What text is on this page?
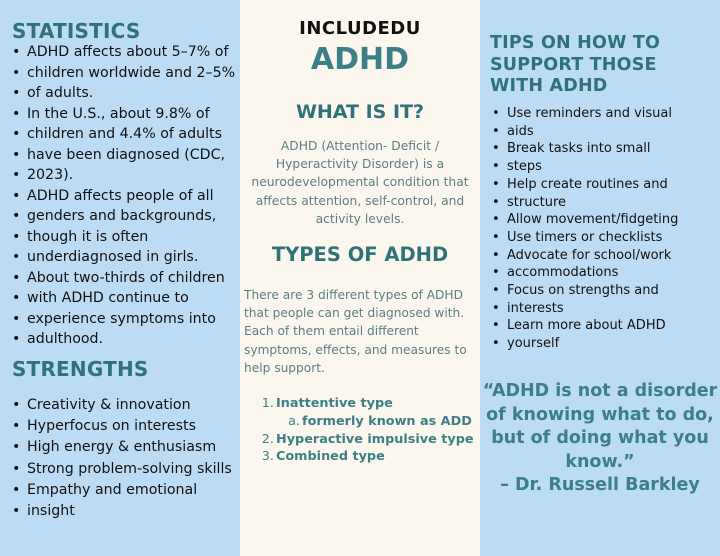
STATISTICS
• ADHD affects about 5–7% of
• children worldwide and 2–5%
• of adults.
• In the U.S., about 9.8% of
• children and 4.4% of adults
• have been diagnosed (CDC,
• 2023).
• ADHD affects people of all
• genders and backgrounds,
• though it is often
• underdiagnosed in girls.
• About two-thirds of children
• with ADHD continue to
• experience symptoms into
• adulthood.
STRENGTHS
• Creativity & innovation
• Hyperfocus on interests
• High energy & enthusiasm
• Strong problem-solving skills
• Empathy and emotional
• insight
INCLUDEDU
ADHD
WHAT IS IT?

ADHD (Attention- Deficit / Hyperactivity Disorder) is a neurodevelopmental condition that affects attention, self-control, and activity levels.

TYPES OF ADHD

There are 3 different types of ADHD that people can get diagnosed with. Each of them entail different symptoms, effects, and measures to help support.

1. Inattentive type
a. formerly known as ADD
2. Hyperactive impulsive type
3. Combined type
TIPS ON HOW TO SUPPORT THOSE WITH ADHD
• Use reminders and visual
• aids
• Break tasks into small
• steps
• Help create routines and
• structure
• Allow movement/fidgeting
• Use timers or checklists
• Advocate for school/work
• accommodations
• Focus on strengths and
• interests
• Learn more about ADHD
• yourself
“ADHD is not a disorder of knowing what to do, but of doing what you know.”
– Dr. Russell Barkley
